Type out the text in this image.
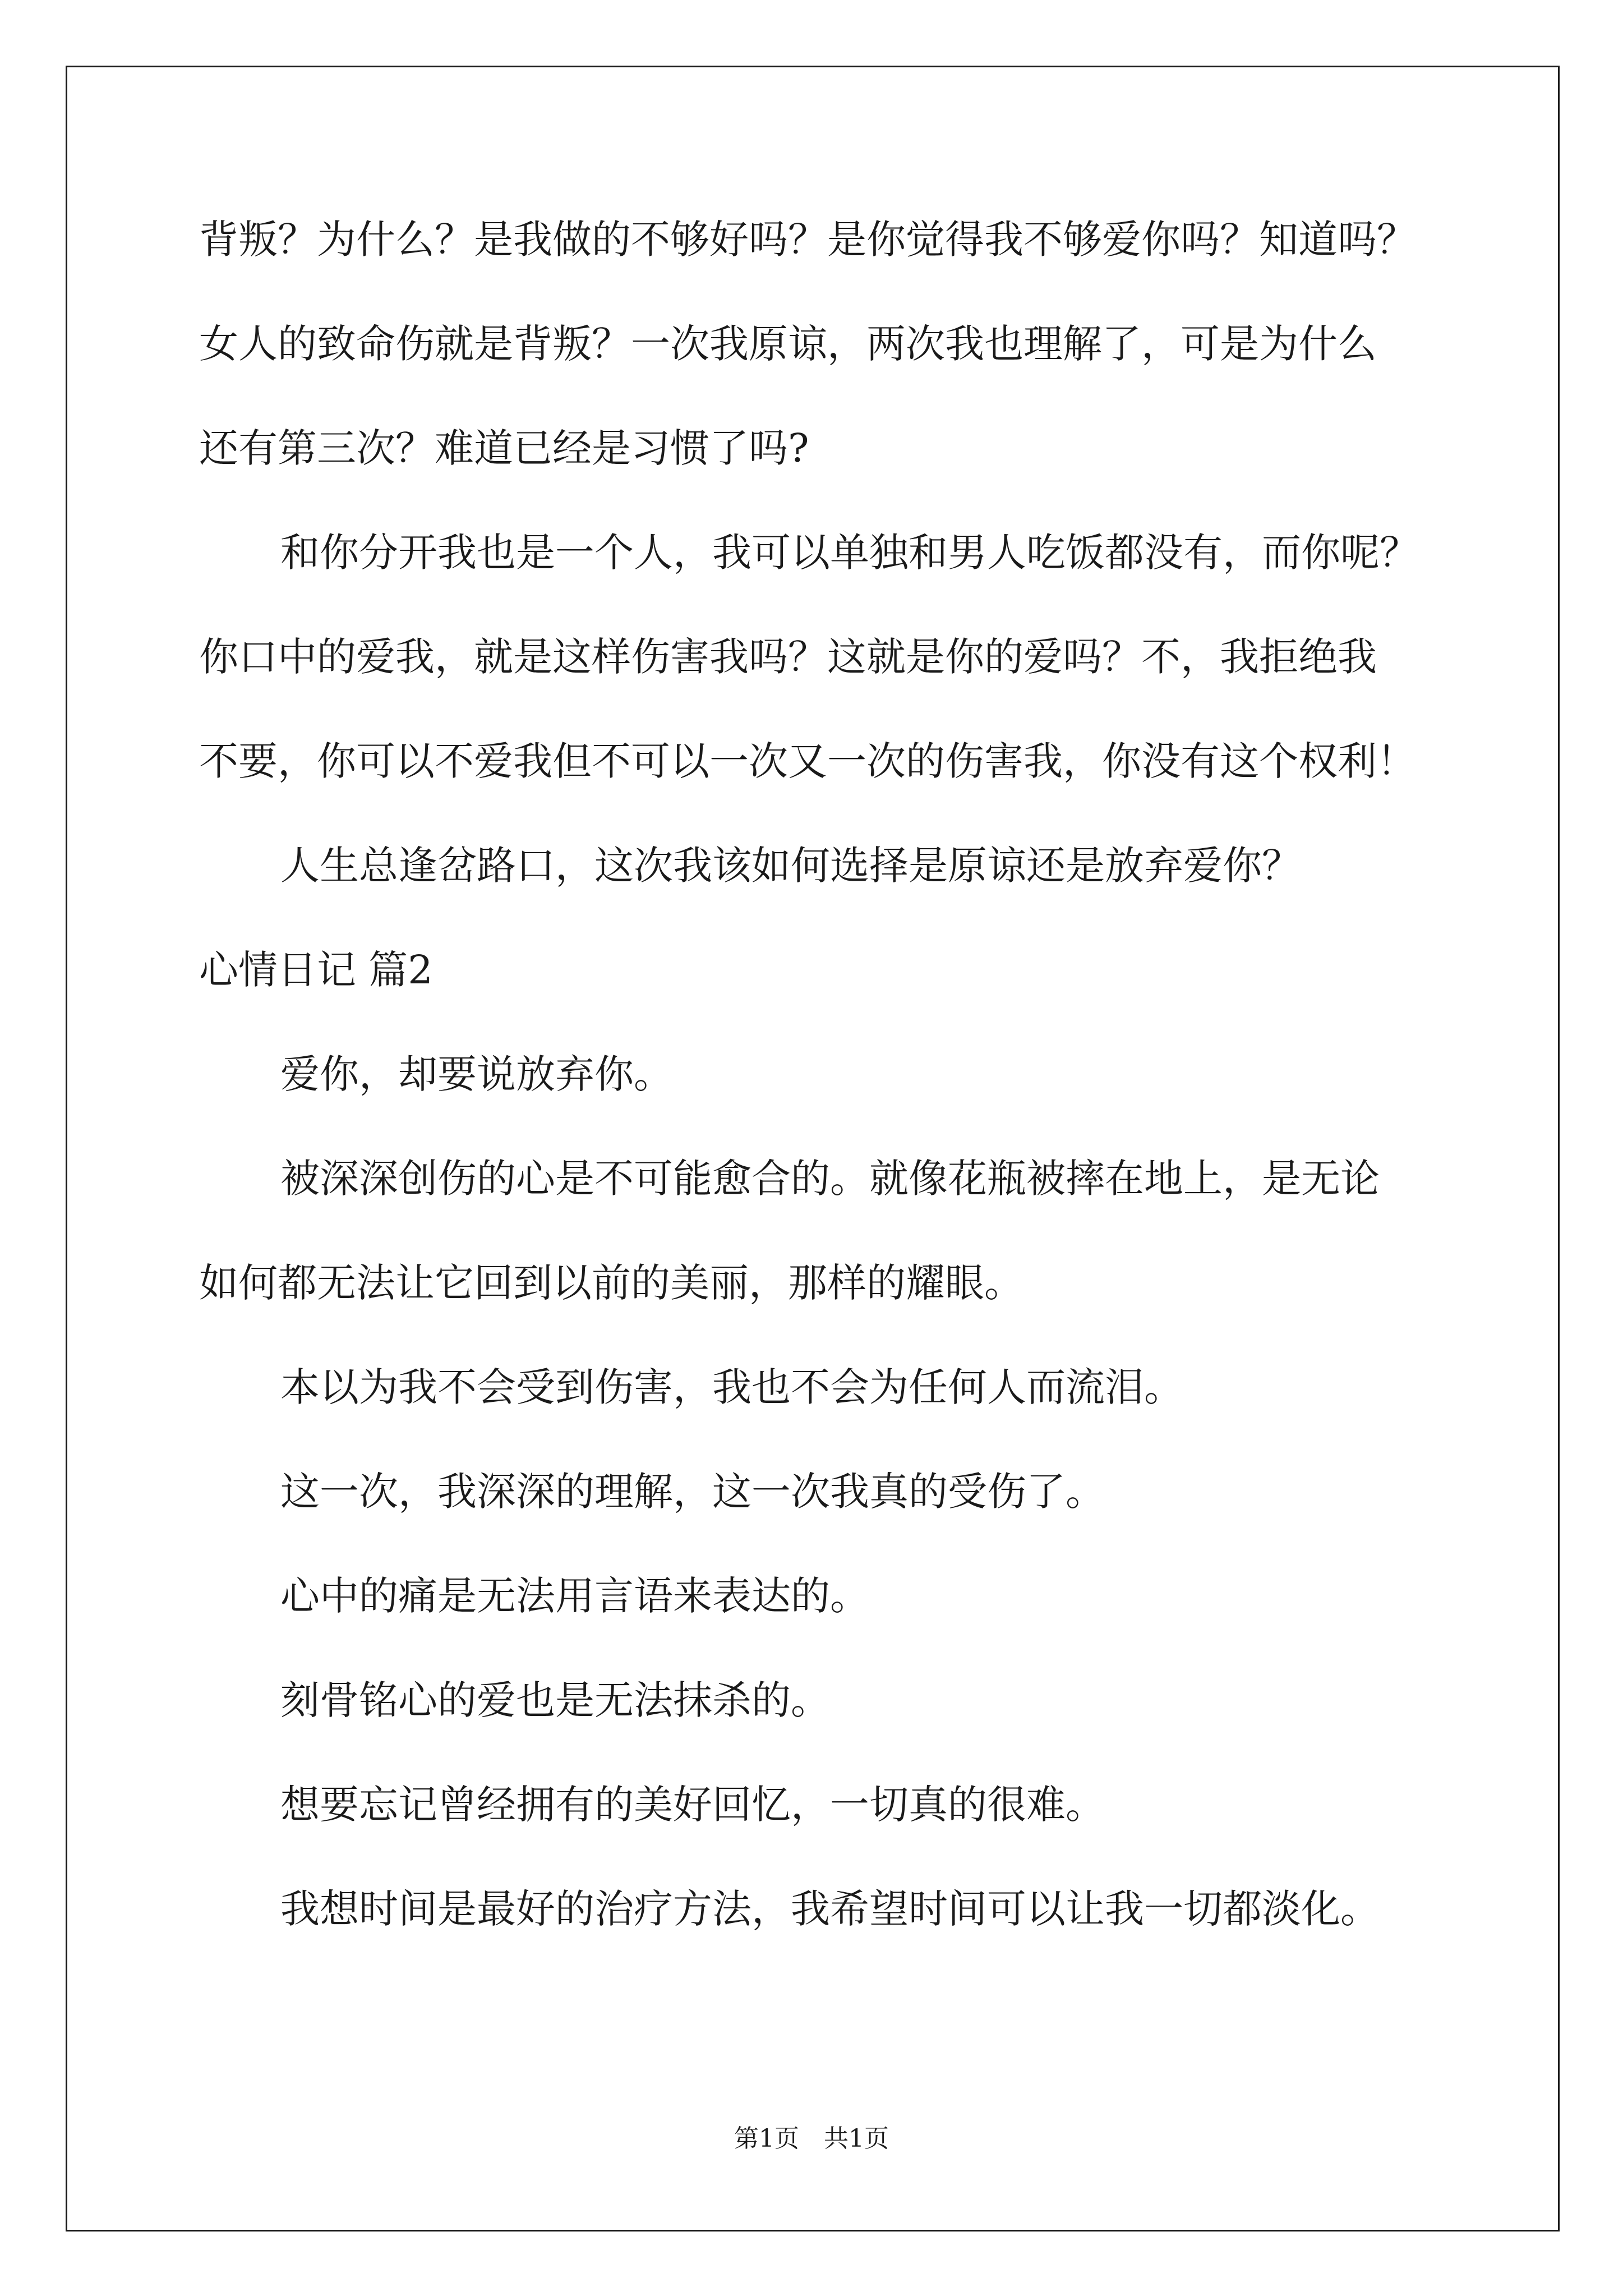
背叛？为什么？是我做的不够好吗？是你觉得我不够爱你吗？知道吗？
女人的致命伤就是背叛？一次我原谅，两次我也理解了，可是为什么
还有第三次？难道已经是习惯了吗?
和你分开我也是一个人，我可以单独和男人吃饭都没有，而你呢？
你口中的爱我，就是这样伤害我吗？这就是你的爱吗？不，我拒绝我
不要，你可以不爱我但不可以一次又一次的伤害我，你没有这个权利！
人生总逢岔路口，这次我该如何选择是原谅还是放弃爱你？
心情日记 篇2
爱你，却要说放弃你。
被深深创伤的心是不可能愈合的。就像花瓶被摔在地上，是无论
如何都无法让它回到以前的美丽，那样的耀眼。
本以为我不会受到伤害，我也不会为任何人而流泪。
这一次，我深深的理解，这一次我真的受伤了。
心中的痛是无法用言语来表达的。
刻骨铭心的爱也是无法抹杀的。
想要忘记曾经拥有的美好回忆，一切真的很难。
我想时间是最好的治疗方法，我希望时间可以让我一切都淡化。
第1页　共1页
